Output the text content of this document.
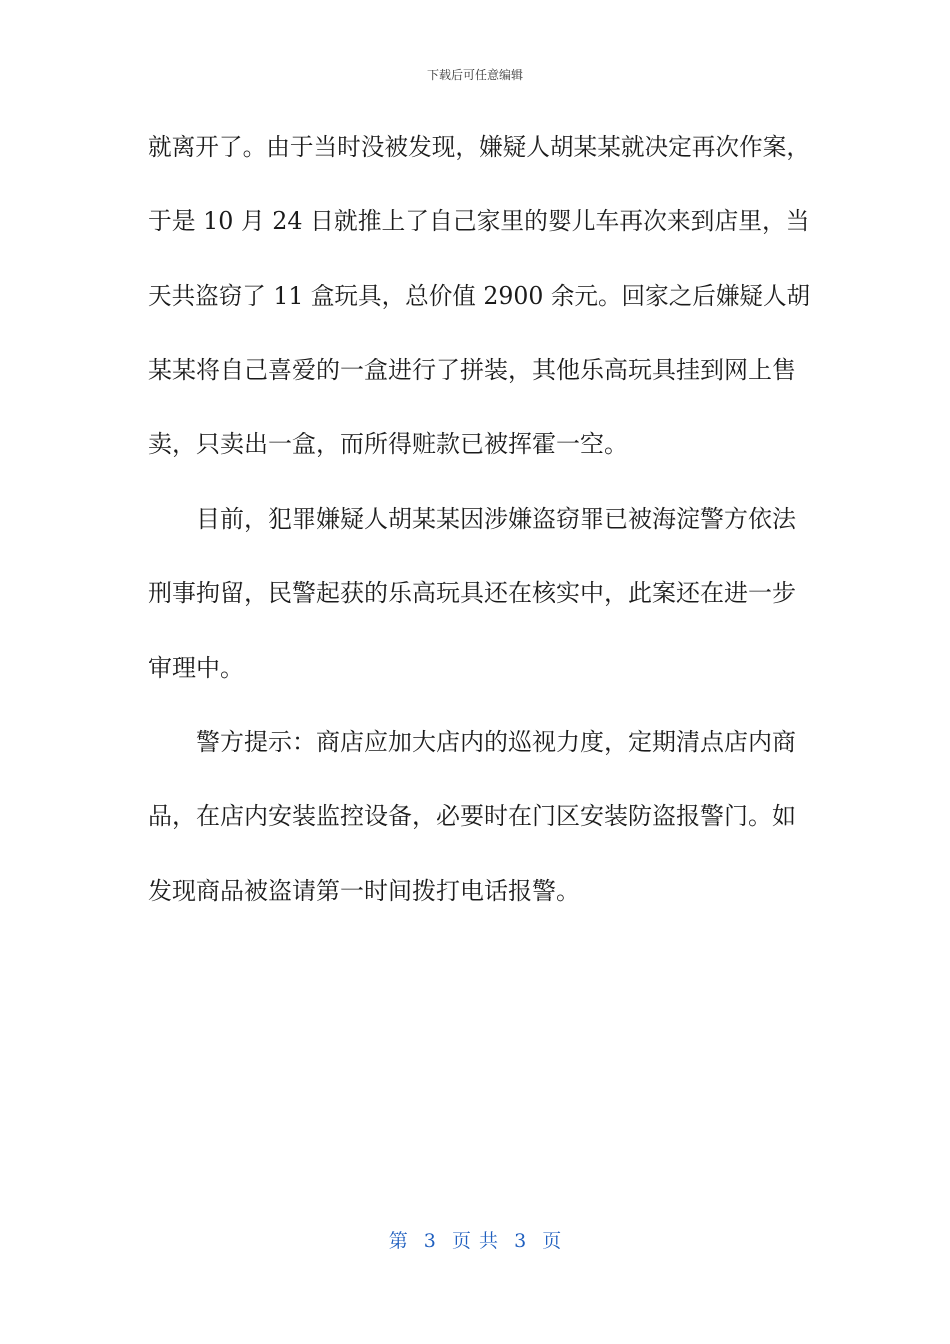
下载后可任意编辑
就离开了。由于当时没被发现，嫌疑人胡某某就决定再次作案，
于是 10 月 24 日就推上了自己家里的婴儿车再次来到店里，当
天共盗窃了 11 盒玩具，总价值 2900 余元。回家之后嫌疑人胡
某某将自己喜爱的一盒进行了拼装，其他乐高玩具挂到网上售
卖，只卖出一盒，而所得赃款已被挥霍一空。
目前，犯罪嫌疑人胡某某因涉嫌盗窃罪已被海淀警方依法
刑事拘留，民警起获的乐高玩具还在核实中，此案还在进一步
审理中。
警方提示：商店应加大店内的巡视力度，定期清点店内商
品，在店内安装监控设备，必要时在门区安装防盗报警门。如
发现商品被盗请第一时间拨打电话报警。
第  3  页 共  3  页
